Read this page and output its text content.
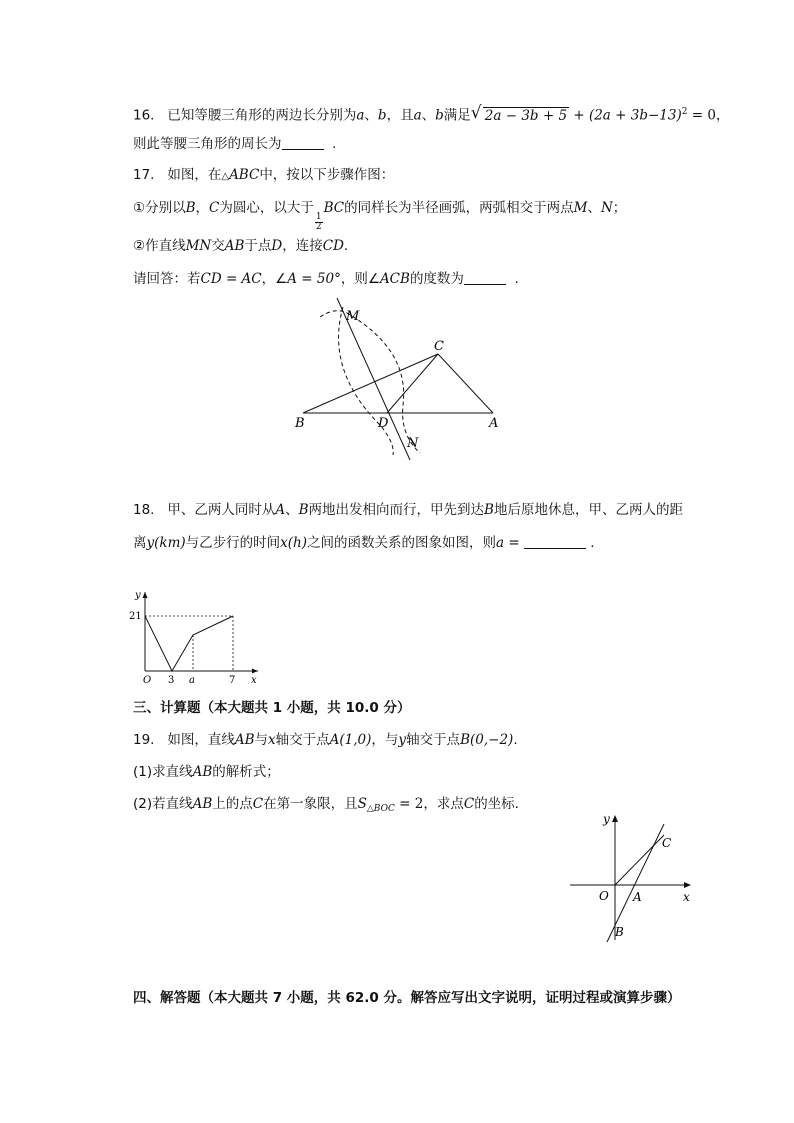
16. 已知等腰三角形的两边长分别为a、b，且a、b满足 √ $2a - 3b + 5 + (2a + 3b-13)^2 = 0$，
则此等腰三角形的周长为	.
17. 如图，在△ABC中，按以下步骤作图：
①分别以B，C为圆心，以大于
$\frac{1}{2}$
BC的同样长为半径画弧，两弧相交于两点M、N；
②作直线MN交AB于点D，连接CD.
请回答：若CD = AC，∠A = 50°，则∠ACB的度数为	.
M
C
B	D	A
N
18. 甲、乙两人同时从A、B两地出发相向而行，甲先到达B地后原地休息，甲、乙两人的距
离y(km)与乙步行的时间x(h)之间的函数关系的图象如图，则a =	.
y
x
O
21
3 a	7
三、计算题（本大题共 1 小题，共 10.0 分）
19. 如图，直线AB与x轴交于点A(1,0)，与y轴交于点B(0,−2).
(1)求直线AB的解析式；
(2)若直线AB上的点C在第一象限，且$S_{\triangle BOC} = 2$，求点C的坐标.
y
x
O A
B
C
四、解答题（本大题共 7 小题，共 62.0 分。解答应写出文字说明，证明过程或演算步骤）
